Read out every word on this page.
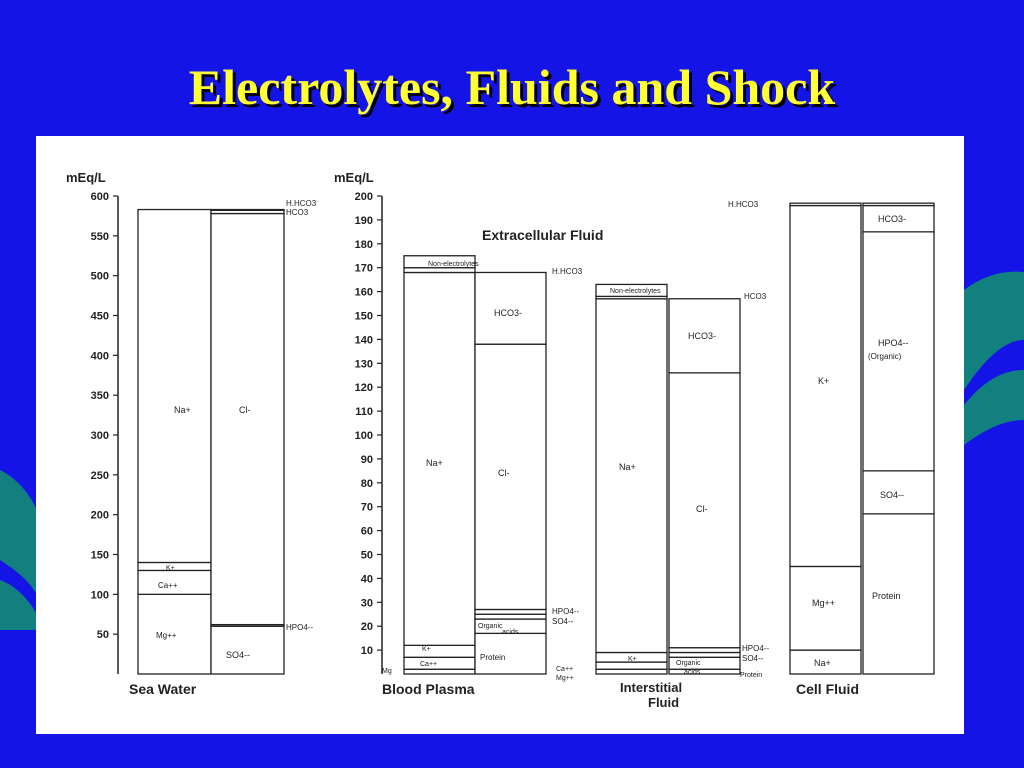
Electrolytes, Fluids and Shock
50
100
150
200
250
300
350
400
450
500
550
600
mEq/L
10
20
30
40
50
60
70
80
90
100
110
120
130
140
150
160
170
180
190
200
mEq/L
Extracellular Fluid
Na+	Cl-
K+
Ca++
Mg++
SO4--
HPO4--
H.HCO3
HCO3
Non-electrolytes
H.HCO3
HCO3-
Na+
Cl-
K+
Ca++
Mg
Protein
Organic
acids
HPO4--
SO4--
Non-electrolytes
HCO3
HCO3-
Na+
Cl-
K+
Organic
acids
HPO4--
SO4--
Ca++
Mg++	Protein
H.HCO3
HCO3-
HPO4--
(Organic)
K+
SO4--
Mg++
Protein
Na+
Sea Water	Blood Plasma	Interstitial
Fluid
Cell Fluid
